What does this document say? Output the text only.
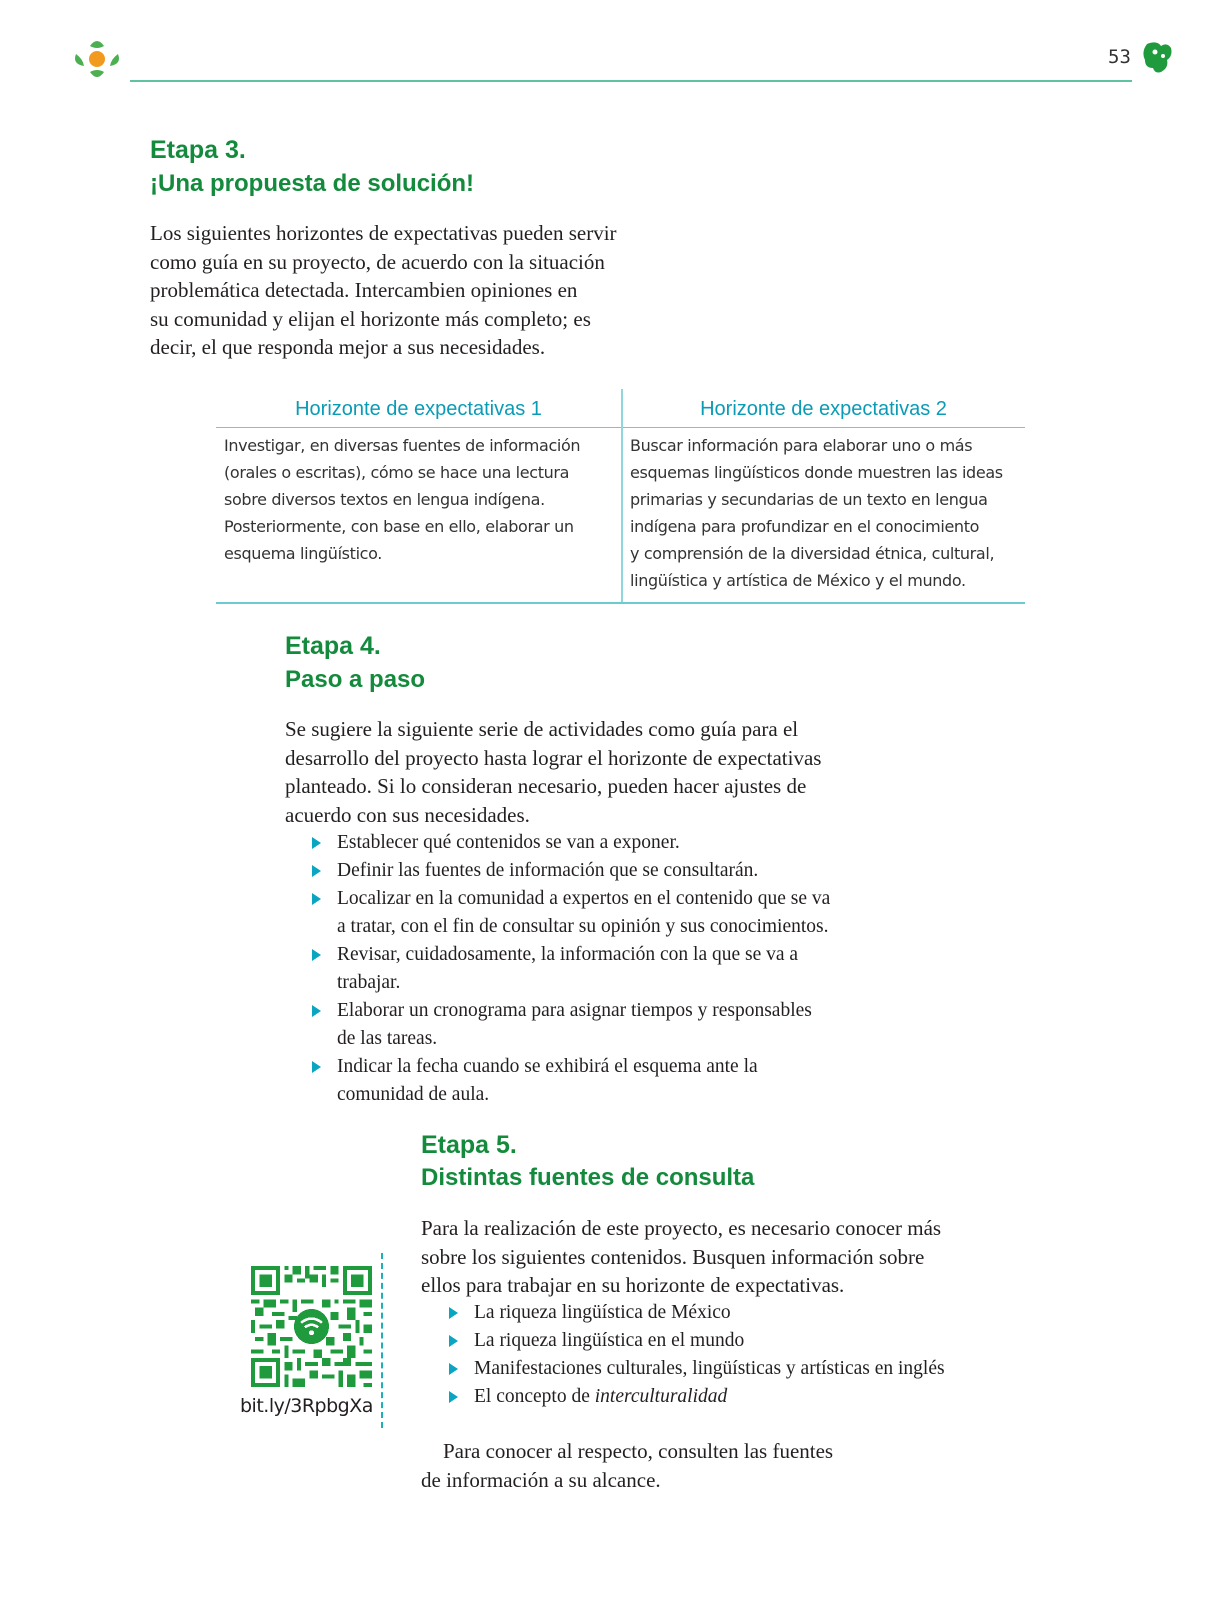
53
Etapa 3.
¡Una propuesta de solución!

Los siguientes horizontes de expectativas pueden servir

como guía en su proyecto, de acuerdo con la situación

problemática detectada. Intercambien opiniones en

su comunidad y elijan el horizonte más completo; es

decir, el que responda mejor a sus necesidades.

Horizonte de expectativas 1
Investigar, en diversas fuentes de información
(orales o escritas), cómo se hace una lectura
sobre diversos textos en lengua indígena.
Posteriormente, con base en ello, elaborar un
esquema lingüístico.
Horizonte de expectativas 2
Buscar información para elaborar uno o más
esquemas lingüísticos donde muestren las ideas
primarias y secundarias de un texto en lengua
indígena para profundizar en el conocimiento
y comprensión de la diversidad étnica, cultural,
lingüística y artística de México y el mundo.
Etapa 4.
Paso a paso

Se sugiere la siguiente serie de actividades como guía para el

desarrollo del proyecto hasta lograr el horizonte de expectativas

planteado. Si lo consideran necesario, pueden hacer ajustes de

acuerdo con sus necesidades.

Establecer qué contenidos se van a exponer.
Definir las fuentes de información que se consultarán.
Localizar en la comunidad a expertos en el contenido que se va
a tratar, con el fin de consultar su opinión y sus conocimientos.
Revisar, cuidadosamente, la información con la que se va a
trabajar.
Elaborar un cronograma para asignar tiempos y responsables
de las tareas.
Indicar la fecha cuando se exhibirá el esquema ante la
comunidad de aula.
bit.ly/3RpbgXa
Etapa 5.
Distintas fuentes de consulta

Para la realización de este proyecto, es necesario conocer más

sobre los siguientes contenidos. Busquen información sobre

ellos para trabajar en su horizonte de expectativas.

La riqueza lingüística de México
La riqueza lingüística en el mundo
Manifestaciones culturales, lingüísticas y artísticas en inglés
El concepto de interculturalidad

Para conocer al respecto, consulten las fuentes

de información a su alcance.
